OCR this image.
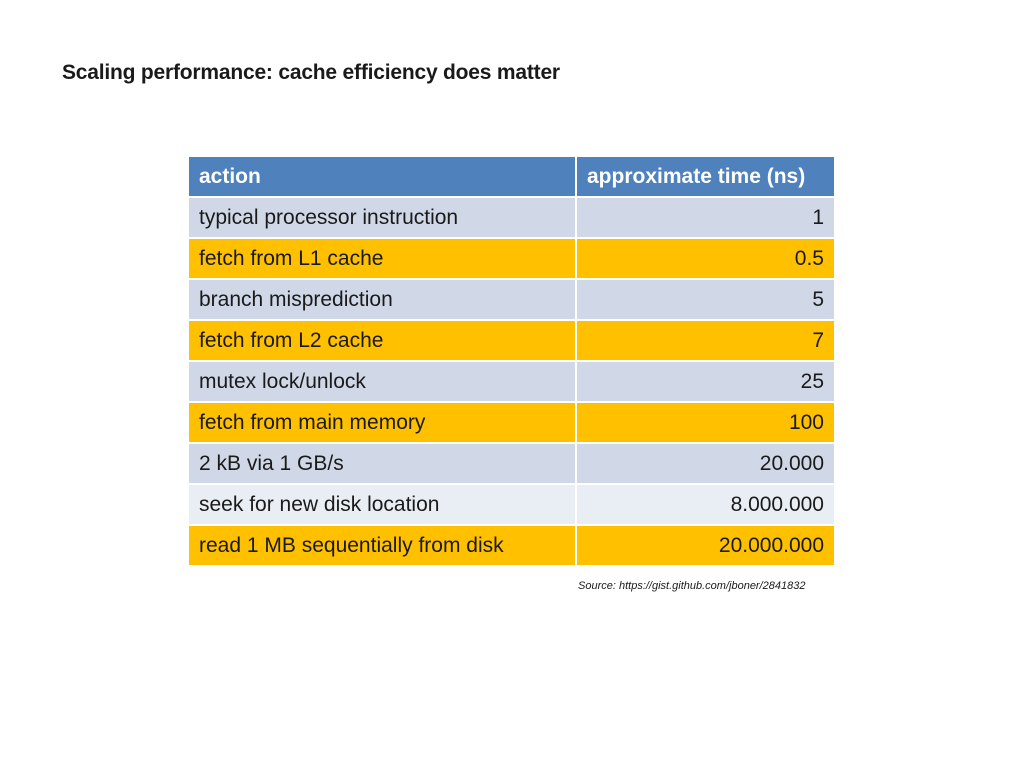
Scaling performance: cache efficiency does matter
action	approximate time (ns)
typical processor instruction	1
fetch from L1 cache	0.5
branch misprediction	5
fetch from L2 cache	7
mutex lock/unlock	25
fetch from main memory	100
2 kB via 1 GB/s	20.000
seek for new disk location	8.000.000
read 1 MB sequentially from disk	20.000.000
Source: https://gist.github.com/jboner/2841832
